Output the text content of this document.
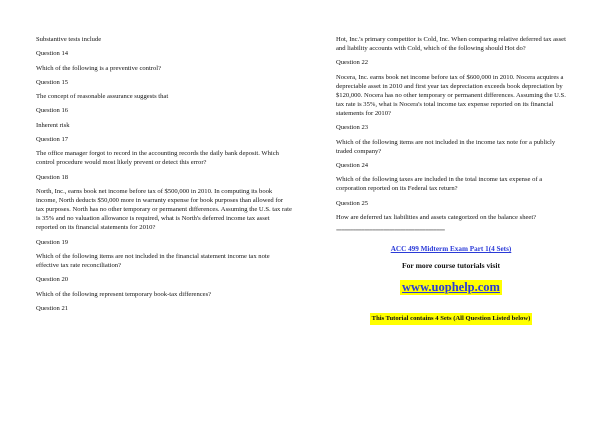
Substantive tests include

Question 14

Which of the following is a preventive control?

Question 15

The concept of reasonable assurance suggests that

Question 16

Inherent risk

Question 17

The office manager forgot to record in the accounting records the daily bank deposit. Which control procedure would most likely prevent or detect this error?

Question 18

North, Inc., earns book net income before tax of $500,000 in 2010. In computing its book income, North deducts $50,000 more in warranty expense for book purposes than allowed for tax purposes. North has no other temporary or permanent differences. Assuming the U.S. tax rate is 35% and no valuation allowance is required, what is North's deferred income tax asset reported on its financial statements for 2010?

Question 19

Which of the following items are not included in the financial statement income tax note effective tax rate reconciliation?

Question 20

Which of the following represent temporary book-tax differences?

Question 21

Hot, Inc.'s primary competitor is Cold, Inc. When comparing relative deferred tax asset and liability accounts with Cold, which of the following should Hot do?

Question 22

Nocera, Inc. earns book net income before tax of $600,000 in 2010. Nocera acquires a depreciable asset in 2010 and first year tax depreciation exceeds book depreciation by $120,000. Nocera has no other temporary or permanent differences. Assuming the U.S. tax rate is 35%, what is Nocera's total income tax expense reported on its financial statements for 2010?

Question 23

Which of the following items are not included in the income tax note for a publicly traded company?

Question 24

Which of the following taxes are included in the total income tax expense of a corporation reported on its Federal tax return?

Question 25

How are deferred tax liabilities and assets categorized on the balance sheet?

=======================================
ACC 499 Midterm Exam Part 1(4 Sets)
For more course tutorials visit
www.uophelp.com
This Tutorial contains 4 Sets (All Question Listed below)
